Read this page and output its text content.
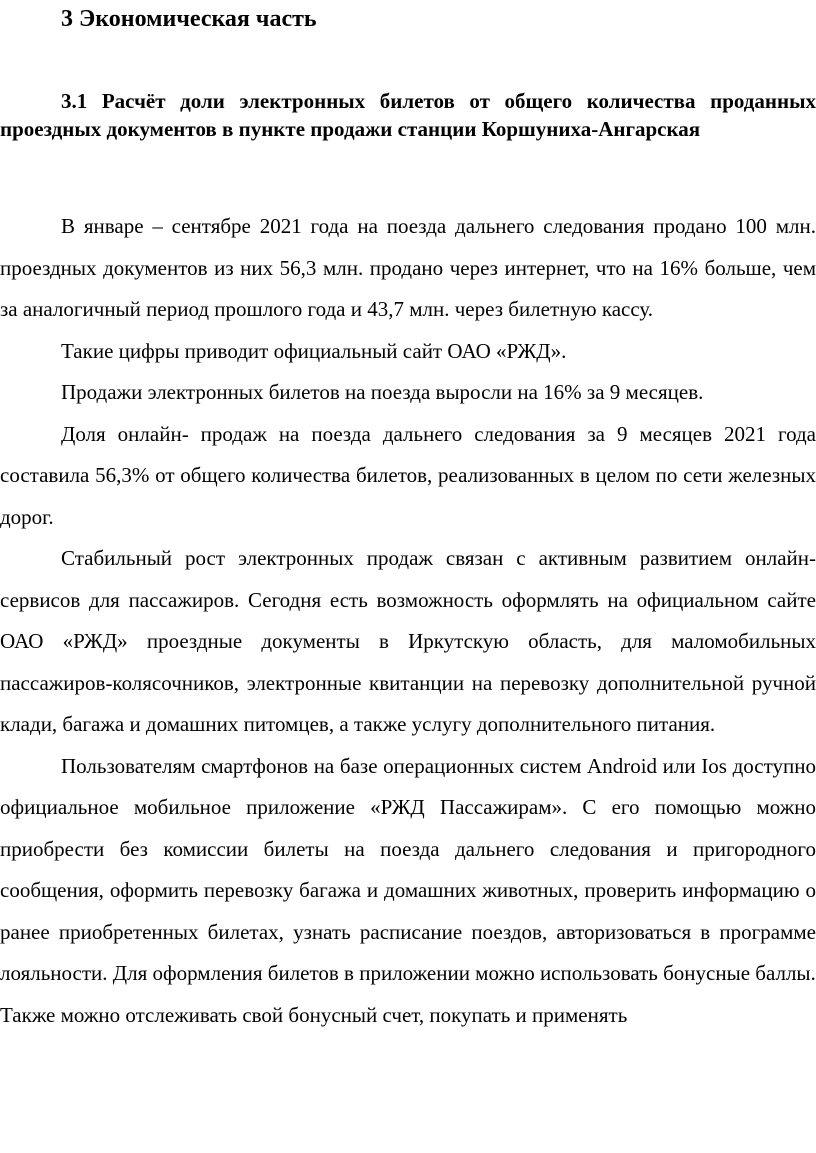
3 Экономическая часть
3.1 Расчёт доли электронных билетов от общего количества проданных проездных документов в пункте продажи станции Коршуниха-Ангарская

В январе – сентябре 2021 года на поезда дальнего следования продано 100 млн. проездных документов из них 56,3 млн. продано через интернет, что на 16% больше, чем за аналогичный период прошлого года и 43,7 млн. через билетную кассу.

Такие цифры приводит официальный сайт ОАО «РЖД».

Продажи электронных билетов на поезда выросли на 16% за 9 месяцев.

Доля онлайн- продаж на поезда дальнего следования за 9 месяцев 2021 года составила 56,3% от общего количества билетов, реализованных в целом по сети железных дорог.

Стабильный рост электронных продаж связан с активным развитием онлайн-сервисов для пассажиров. Сегодня есть возможность оформлять на официальном сайте ОАО «РЖД» проездные документы в Иркутскую область, для маломобильных пассажиров-колясочников, электронные квитанции на перевозку дополнительной ручной клади, багажа и домашних питомцев, а также услугу дополнительного питания.

Пользователям смартфонов на базе операционных систем Android или Ios доступно официальное мобильное приложение «РЖД Пассажирам». С его помощью можно приобрести без комиссии билеты на поезда дальнего следования и пригородного сообщения, оформить перевозку багажа и домашних животных, проверить информацию о ранее приобретенных билетах, узнать расписание поездов, авторизоваться в программе лояльности. Для оформления билетов в приложении можно использовать бонусные баллы.

Также можно отслеживать свой бонусный счет, покупать и применять
